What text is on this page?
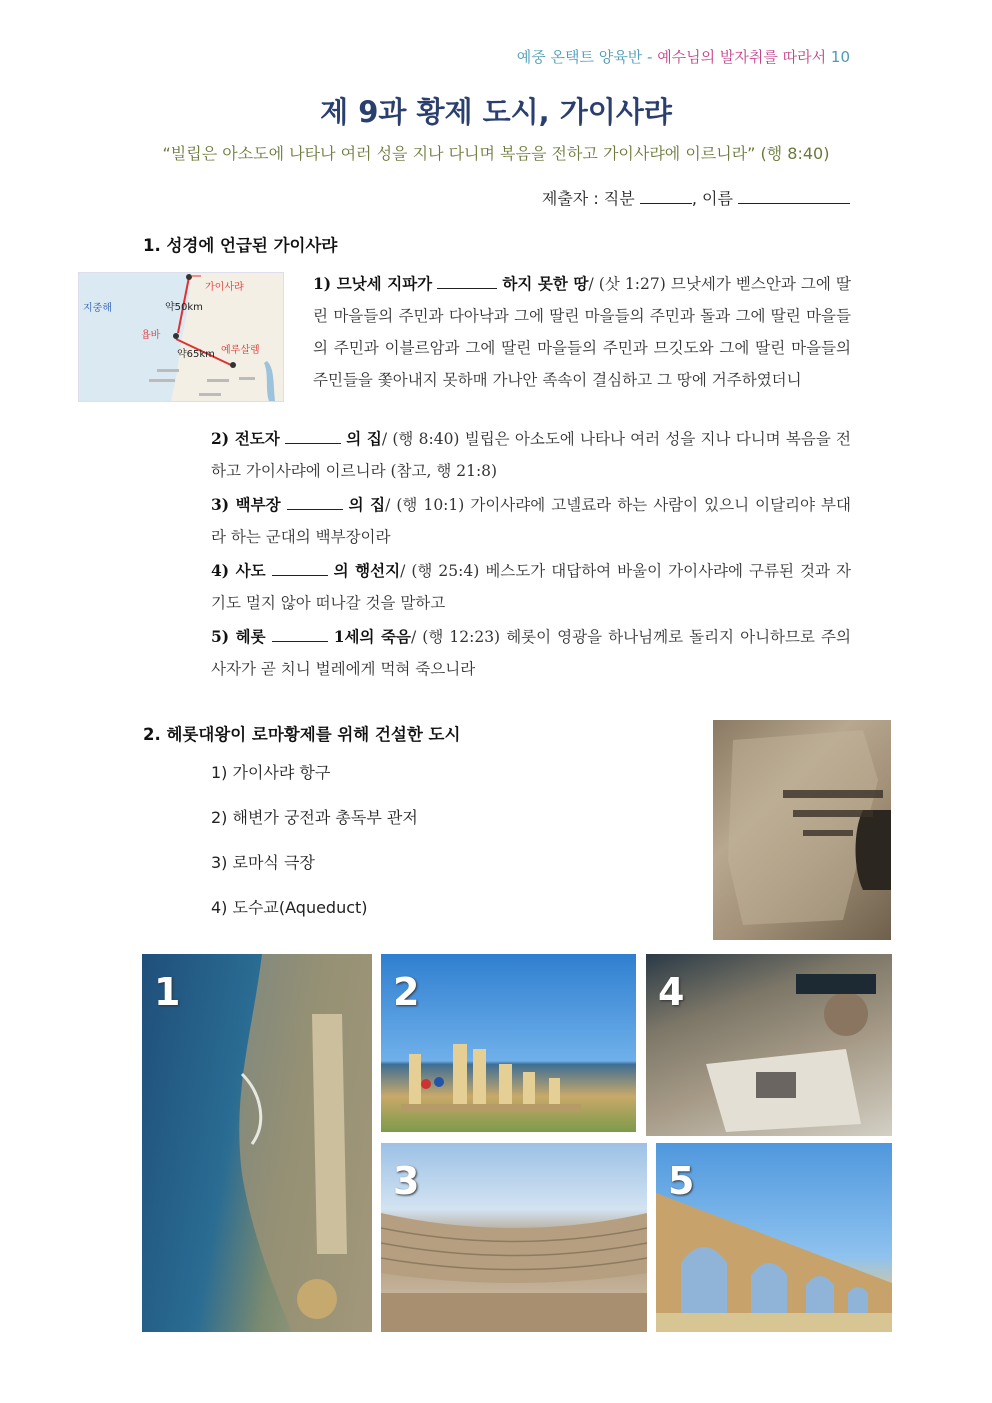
예중 온택트 양육반 - 예수님의 발자취를 따라서 10
제 9과 황제 도시, 가이사랴
“빌립은 아소도에 나타나 여러 성을 지나 다니며 복음을 전하고 가이사랴에 이르니라” (행 8:40)
제출자 : 직분	, 이름
1. 성경에 언급된 가이사랴
가이사랴
지중해	약50km
욥바
약65km 예루살렘
1) 므낫세 지파가	하지 못한 땅/ (삿 1:27) 므낫세가 벧스안과 그에 딸린 마을들의 주민과 다아낙과 그에 딸린 마을들의 주민과 돌과 그에 딸린 마을들의 주민과 이블르암과 그에 딸린 마을들의 주민과 므깃도와 그에 딸린 마을들의 주민들을 쫓아내지 못하매 가나안 족속이 결심하고 그 땅에 거주하였더니
2) 전도자	의 집/ (행 8:40) 빌립은 아소도에 나타나 여러 성을 지나 다니며 복음을 전하고 가이사랴에 이르니라 (참고, 행 21:8)
3) 백부장	의 집/ (행 10:1) 가이사랴에 고넬료라 하는 사람이 있으니 이달리야 부대라 하는 군대의 백부장이라
4) 사도	의 행선지/ (행 25:4) 베스도가 대답하여 바울이 가이사랴에 구류된 것과 자기도 멀지 않아 떠나갈 것을 말하고
5) 헤롯	1세의 죽음/ (행 12:23) 헤롯이 영광을 하나님께로 돌리지 아니하므로 주의 사자가 곧 치니 벌레에게 먹혀 죽으니라
2. 헤롯대왕이 로마황제를 위해 건설한 도시
1) 가이사랴 항구
2) 해변가 궁전과 총독부 관저
3) 로마식 극장
4) 도수교(Aqueduct)
1	2	4
3	5
